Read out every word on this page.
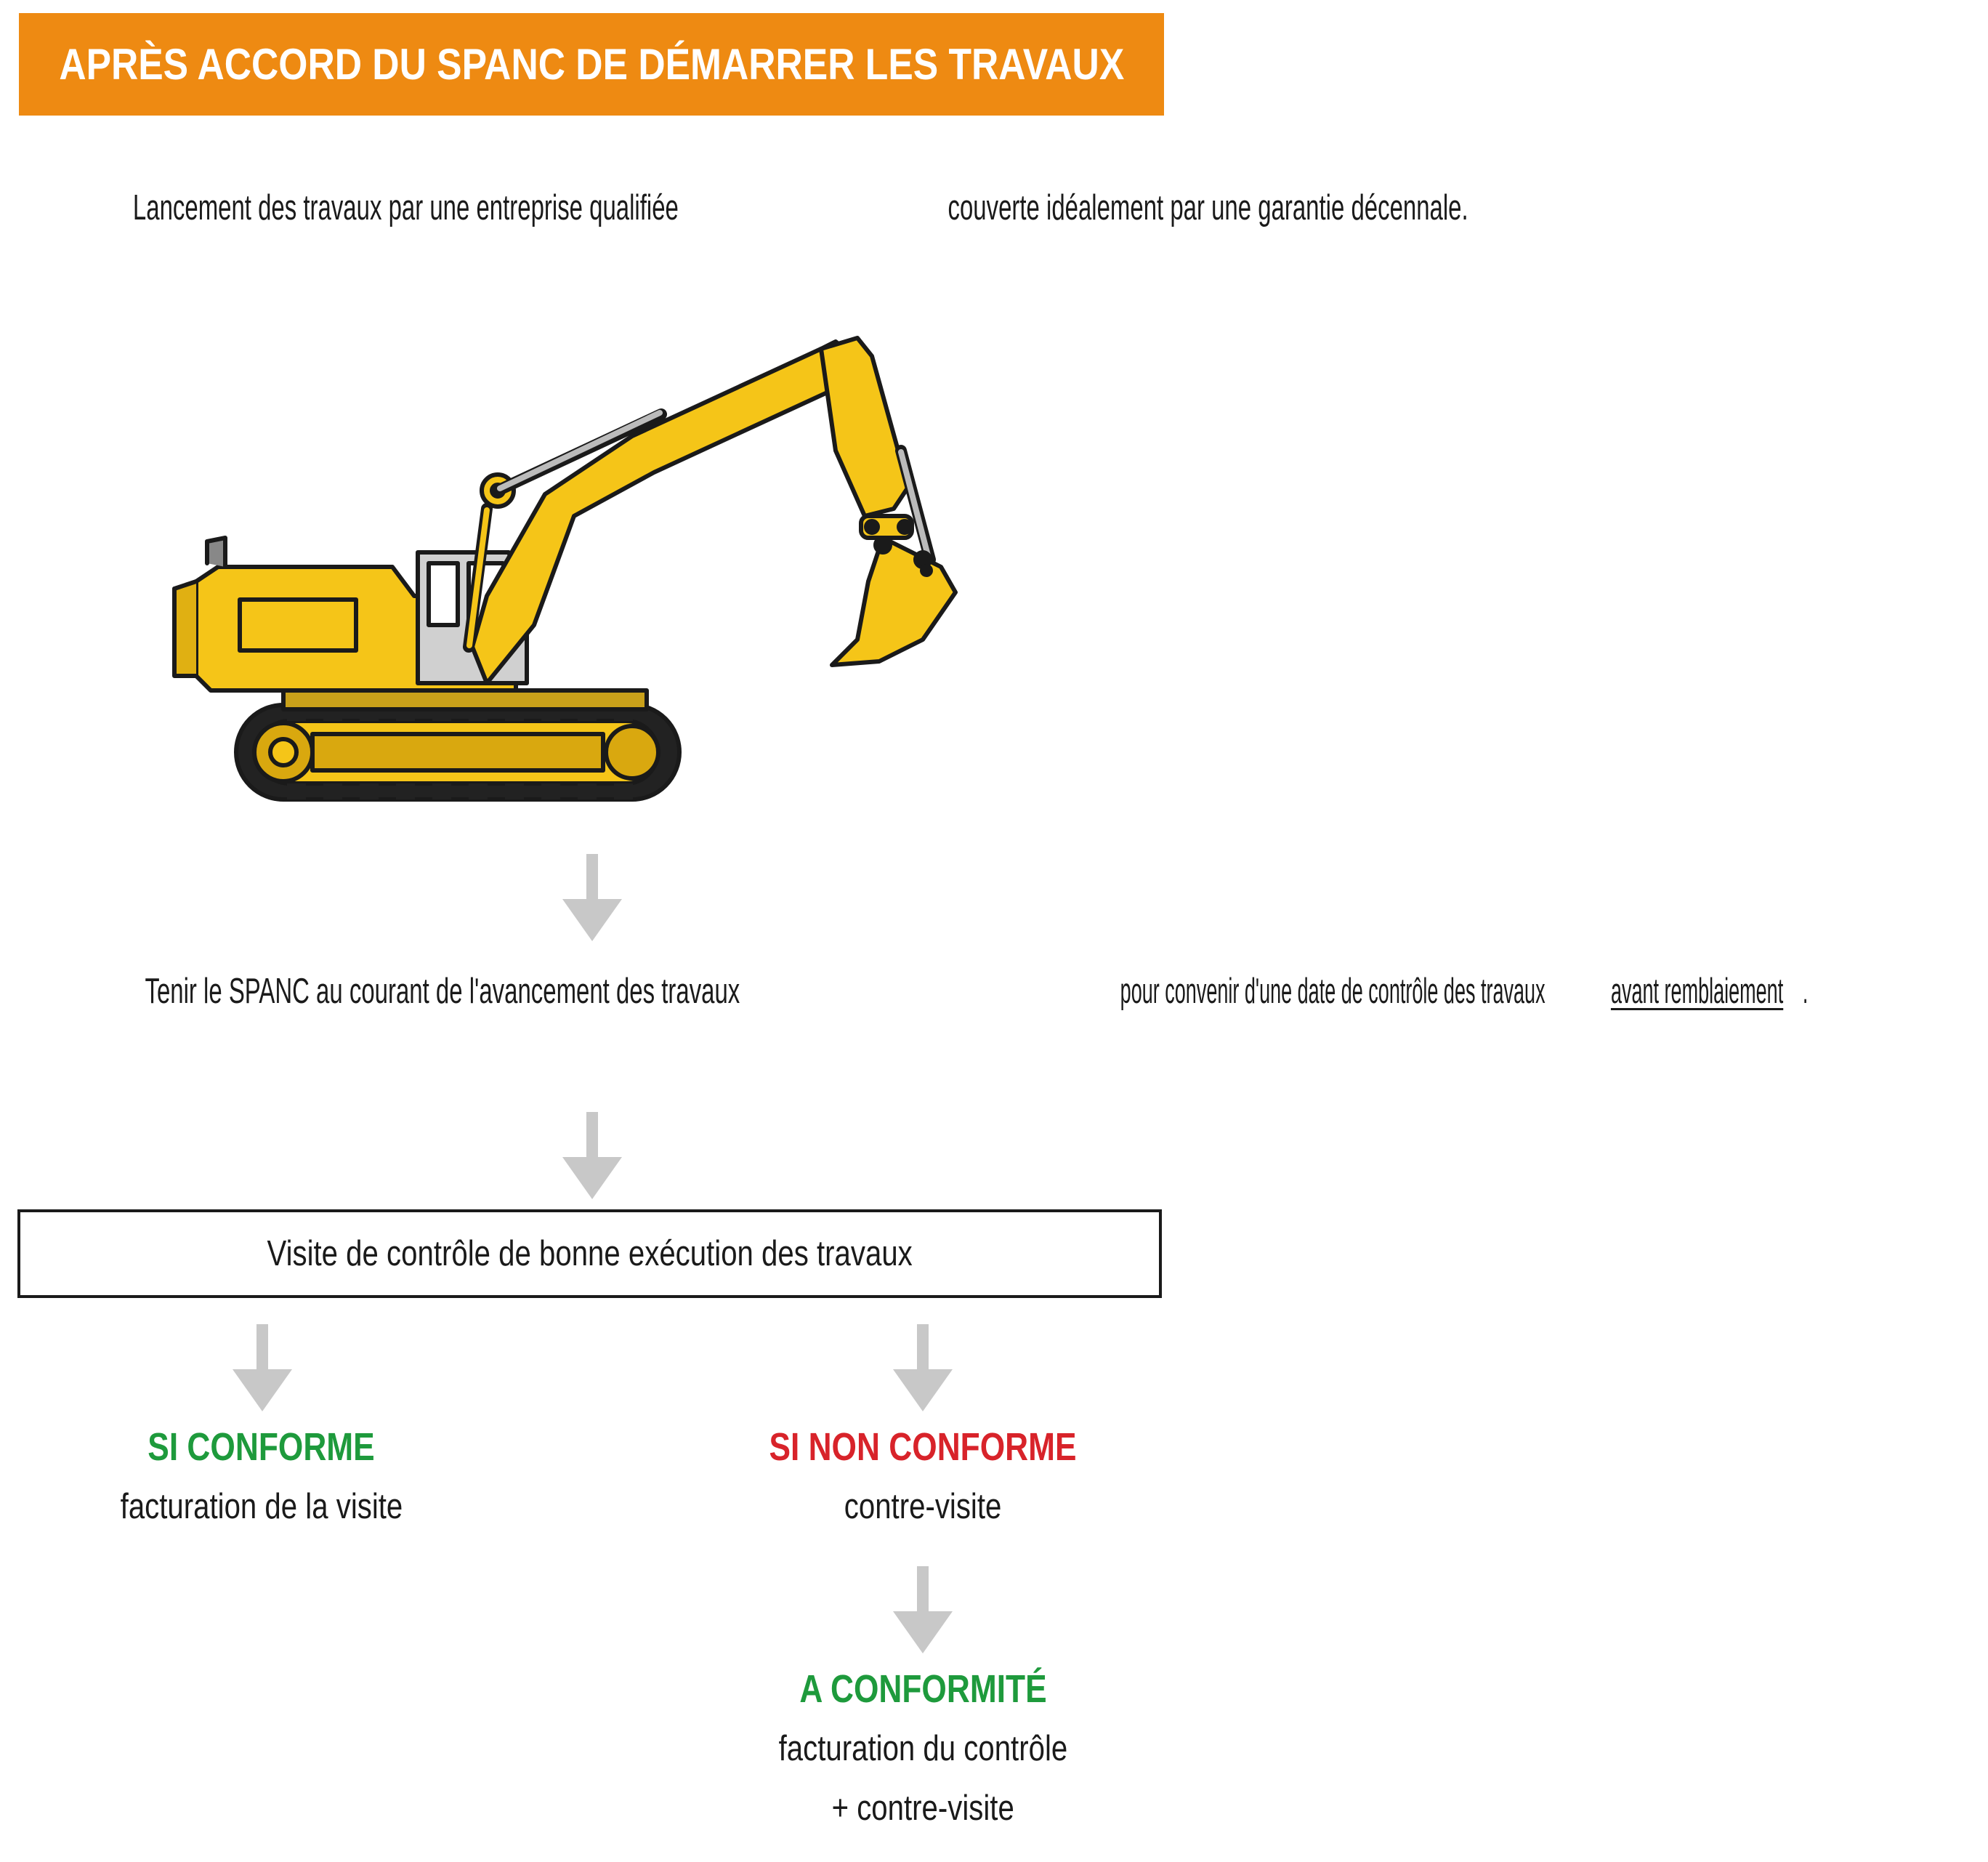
APRÈS ACCORD DU SPANC DE DÉMARRER LES TRAVAUX
Lancement des travaux par une entreprise qualifiée	couverte idéalement par une garantie décennale.
Tenir le SPANC au courant de l'avancement des travaux	pour convenir d'une date de contrôle des travauxavant remblaiement .
Visite de contrôle de bonne exécution des travaux
SI CONFORME
facturation de la visite
SI NON CONFORME
contre-visite
A CONFORMITÉ
facturation du contrôle
+ contre-visite
